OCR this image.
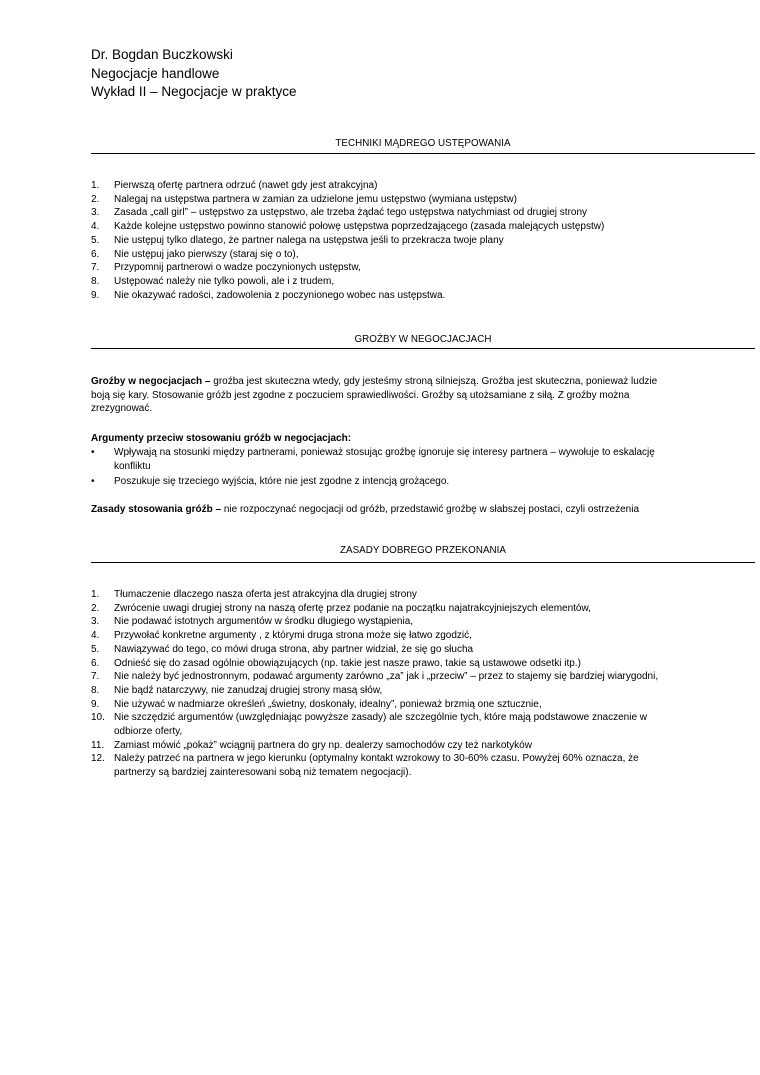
Dr. Bogdan Buczkowski
Negocjacje handlowe
Wykład II – Negocjacje w praktyce
TECHNIKI MĄDREGO USTĘPOWANIA
1. Pierwszą ofertę partnera odrzuć (nawet gdy jest atrakcyjna)
2. Nalegaj na ustępstwa partnera w zamian za udzielone jemu ustępstwo (wymiana ustępstw)
3. Zasada „call girl” – ustępstwo za ustępstwo, ale trzeba żądać tego ustępstwa natychmiast od drugiej strony
4. Każde kolejne ustępstwo powinno stanowić połowę ustępstwa poprzedzającego (zasada malejących ustępstw)
5. Nie ustępuj tylko dlatego, że partner nalega na ustępstwa jeśli to przekracza twoje plany
6. Nie ustępuj jako pierwszy (staraj się o to),
7. Przypomnij partnerowi o wadze poczynionych ustępstw,
8. Ustępować należy nie tylko powoli, ale i z trudem,
9. Nie okazywać radości, zadowolenia z poczynionego wobec nas ustępstwa.
GROŹBY W NEGOCJACJACH
Groźby w negocjacjach – groźba jest skuteczna wtedy, gdy jesteśmy stroną silniejszą. Groźba jest skuteczna, ponieważ ludzie boją się kary. Stosowanie gróźb jest zgodne z poczuciem sprawiedliwości. Groźby są utożsamiane z siłą. Z groźby można zrezygnować.
Argumenty przeciw stosowaniu gróźb w negocjacjach:
• Wpływają na stosunki między partnerami, ponieważ stosując groźbę ignoruje się interesy partnera – wywołuje to eskalację konfliktu
• Poszukuje się trzeciego wyjścia, które nie jest zgodne z intencją grożącego.
Zasady stosowania gróźb – nie rozpoczynać negocjacji od gróźb, przedstawić groźbę w słabszej postaci, czyli ostrzeżenia
ZASADY DOBREGO PRZEKONANIA
1. Tłumaczenie dlaczego nasza oferta jest atrakcyjna dla drugiej strony
2. Zwrócenie uwagi drugiej strony na naszą ofertę przez podanie na początku najatrakcyjniejszych elementów,
3. Nie podawać istotnych argumentów w środku długiego wystąpienia,
4. Przywołać konkretne argumenty , z którymi druga strona może się łatwo zgodzić,
5. Nawiązywać do tego, co mówi druga strona, aby partner widział, że się go słucha
6. Odnieść się do zasad ogólnie obowiązujących (np. takie jest nasze prawo, takie są ustawowe odsetki itp.)
7. Nie należy być jednostronnym, podawać argumenty zarówno „za” jak i „przeciw” – przez to stajemy się bardziej wiarygodni,
8. Nie bądź natarczywy, nie zanudzaj drugiej strony masą słów,
9. Nie używać w nadmiarze określeń „świetny, doskonały, idealny”, ponieważ brzmią one sztucznie,
10. Nie szczędzić argumentów (uwzględniając powyższe zasady) ale szczególnie tych, które mają podstawowe znaczenie w odbiorze oferty,
11. Zamiast mówić „pokaż” wciągnij partnera do gry np. dealerzy samochodów czy też narkotyków
12. Należy patrzeć na partnera w jego kierunku (optymalny kontakt wzrokowy to 30-60% czasu. Powyżej 60% oznacza, że partnerzy są bardziej zainteresowani sobą niż tematem negocjacji).
